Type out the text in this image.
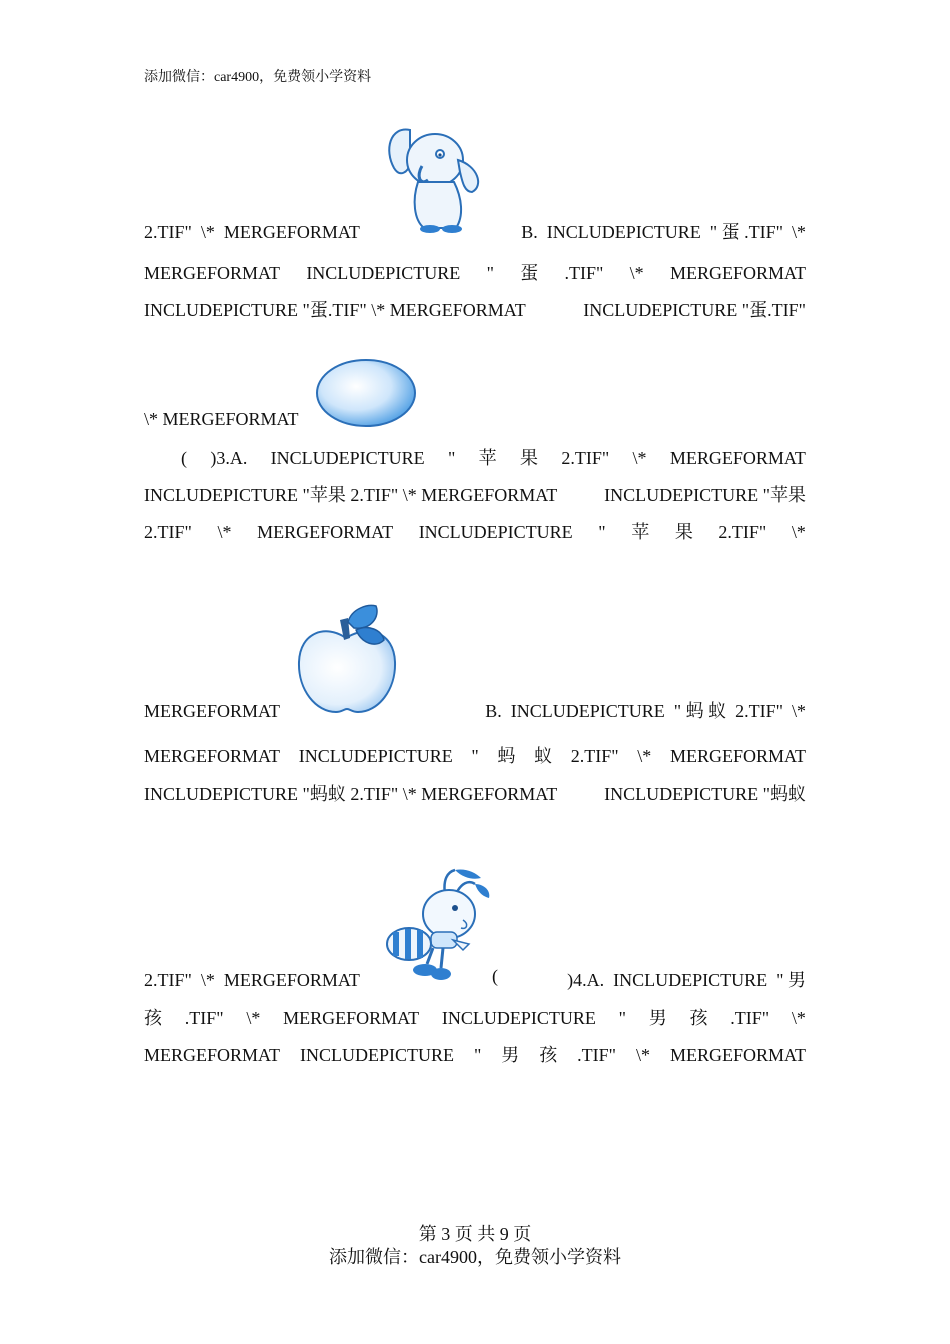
添加微信：car4900，免费领小学资料
2.TIF"  \*  MERGEFORMAT	B.  INCLUDEPICTURE  " 蛋 .TIF"  \*
MERGEFORMAT INCLUDEPICTURE " 蛋 .TIF" \* MERGEFORMAT
INCLUDEPICTURE "蛋.TIF" \* MERGEFORMAT	INCLUDEPICTURE "蛋.TIF"
\* MERGEFORMAT
( )3.A. INCLUDEPICTURE " 苹 果 2.TIF" \* MERGEFORMAT
INCLUDEPICTURE "苹果 2.TIF" \* MERGEFORMAT	INCLUDEPICTURE "苹果
2.TIF" \* MERGEFORMAT INCLUDEPICTURE " 苹 果 2.TIF" \*
MERGEFORMAT	B.  INCLUDEPICTURE  " 蚂 蚁  2.TIF"  \*
MERGEFORMAT INCLUDEPICTURE " 蚂 蚁 2.TIF" \* MERGEFORMAT
INCLUDEPICTURE "蚂蚁 2.TIF" \* MERGEFORMAT	INCLUDEPICTURE "蚂蚁
2.TIF"  \*  MERGEFORMAT	(	)4.A.  INCLUDEPICTURE  " 男
孩 .TIF" \* MERGEFORMAT INCLUDEPICTURE " 男 孩 .TIF" \*
MERGEFORMAT INCLUDEPICTURE " 男 孩 .TIF" \* MERGEFORMAT
第 3 页 共 9 页
添加微信：car4900，免费领小学资料
